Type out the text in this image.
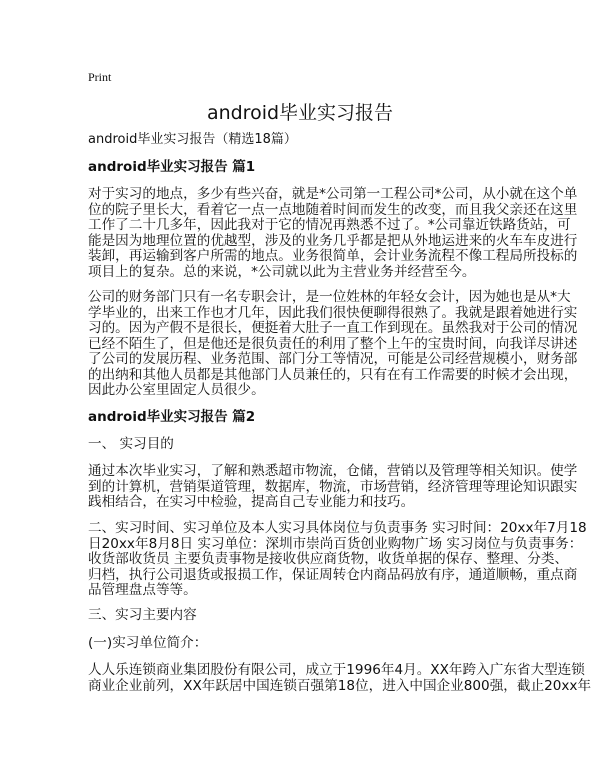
Print
android毕业实习报告
android毕业实习报告（精选18篇）
android毕业实习报告 篇1
对于实习的地点，多少有些兴奋，就是*公司第一工程公司*公司，从小就在这个单
位的院子里长大，看着它一点一点地随着时间而发生的改变，而且我父亲还在这里
工作了二十几多年，因此我对于它的情况再熟悉不过了。*公司靠近铁路货站，可
能是因为地理位置的优越型，涉及的业务几乎都是把从外地运进来的火车车皮进行
装卸，再运输到客户所需的地点。业务很简单，会计业务流程不像工程局所投标的
项目上的复杂。总的来说，*公司就以此为主营业务并经营至今。
公司的财务部门只有一名专职会计，是一位姓林的年轻女会计，因为她也是从*大
学毕业的，出来工作也才几年，因此我们很快便聊得很熟了。我就是跟着她进行实
习的。因为产假不是很长，便挺着大肚子一直工作到现在。虽然我对于公司的情况
已经不陌生了，但是他还是很负责任的利用了整个上午的宝贵时间，向我详尽讲述
了公司的发展历程、业务范围、部门分工等情况，可能是公司经营规模小，财务部
的出纳和其他人员都是其他部门人员兼任的，只有在有工作需要的时候才会出现，
因此办公室里固定人员很少。
android毕业实习报告 篇2
一、 实习目的
通过本次毕业实习，了解和熟悉超市物流，仓储，营销以及管理等相关知识。使学
到的计算机，营销渠道管理，数据库，物流，市场营销，经济管理等理论知识跟实
践相结合，在实习中检验，提高自己专业能力和技巧。
二、实习时间、实习单位及本人实习具体岗位与负责事务 实习时间：20xx年7月18
日20xx年8月8日 实习单位：深圳市崇尚百货创业购物广场 实习岗位与负责事务：
收货部收货员 主要负责事物是接收供应商货物，收货单据的保存、整理、分类、
归档，执行公司退货或报损工作，保证周转仓内商品码放有序，通道顺畅，重点商
品管理盘点等等。
三、实习主要内容
(一)实习单位简介：
人人乐连锁商业集团股份有限公司，成立于1996年4月。XX年跨入广东省大型连锁
商业企业前列，XX年跃居中国连锁百强第18位，进入中国企业800强，截止20xx年
